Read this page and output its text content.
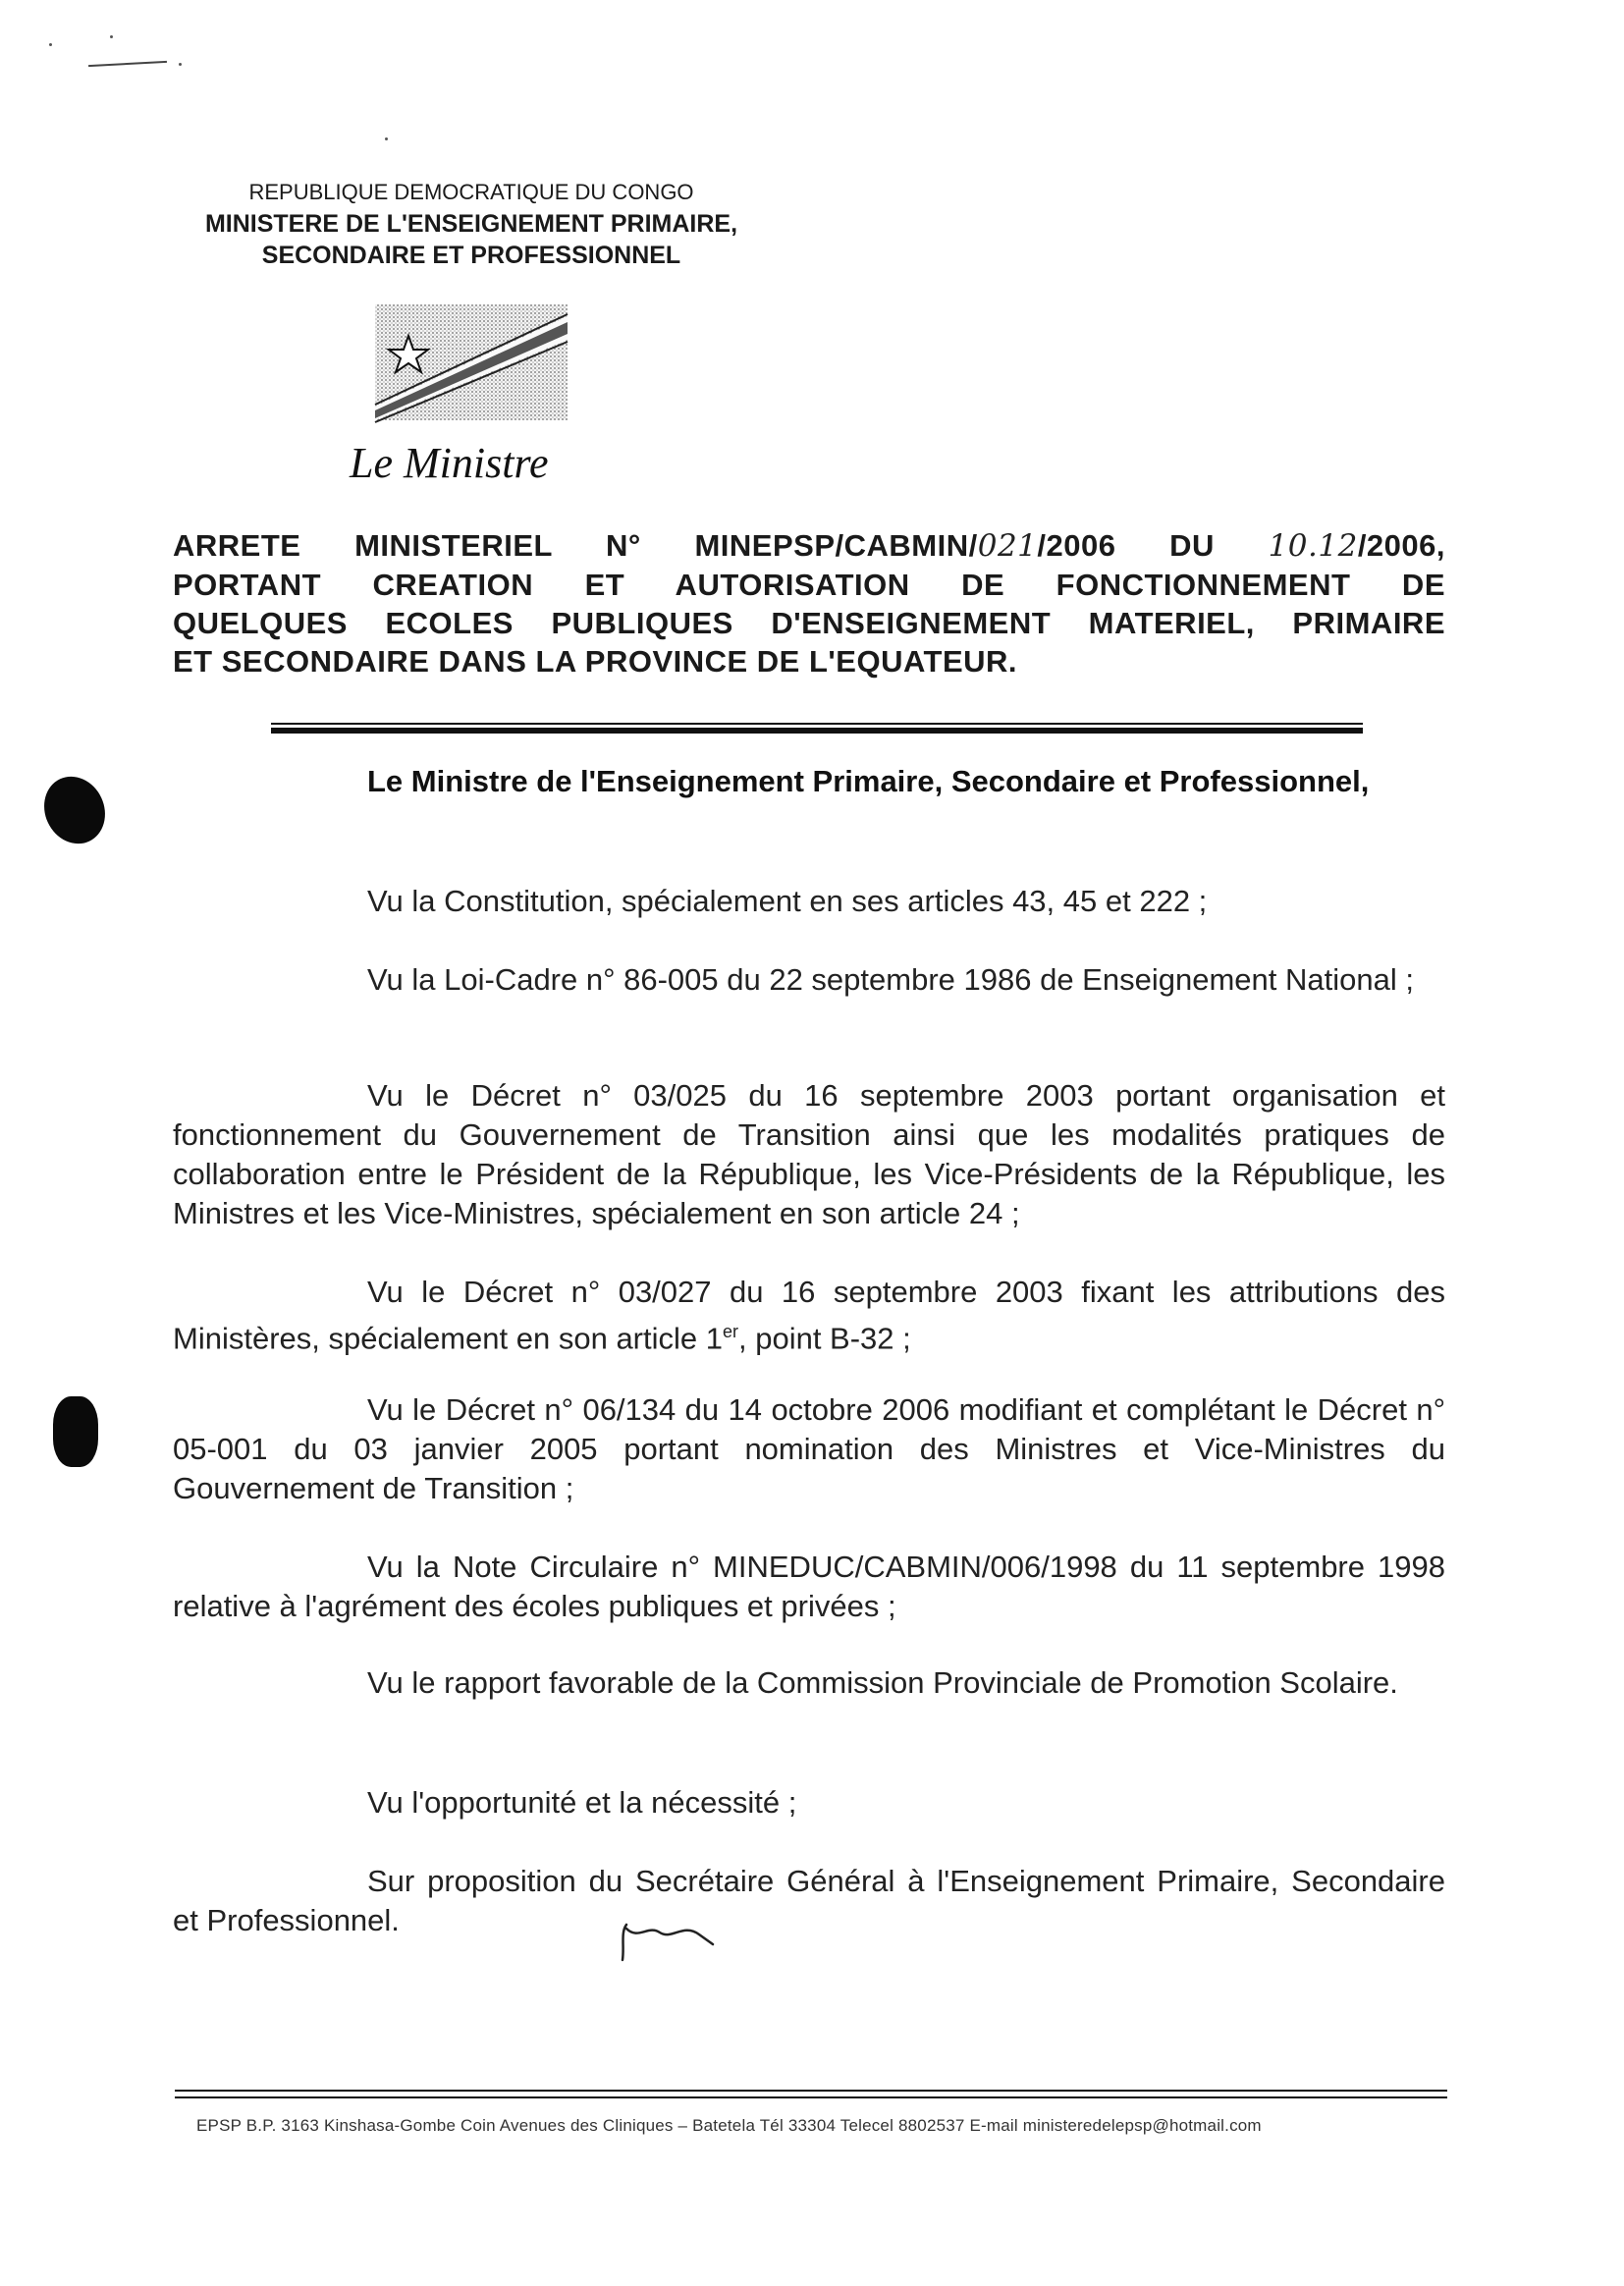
REPUBLIQUE DEMOCRATIQUE DU CONGO
MINISTERE DE L'ENSEIGNEMENT PRIMAIRE,
SECONDAIRE ET PROFESSIONNEL
Le Ministre
ARRETE MINISTERIEL N° MINEPSP/CABMIN/021/2006 DU 10.12/2006,
PORTANT CREATION ET AUTORISATION DE FONCTIONNEMENT DE
QUELQUES ECOLES PUBLIQUES D'ENSEIGNEMENT MATERIEL, PRIMAIRE
ET SECONDAIRE DANS LA PROVINCE DE L'EQUATEUR.
Le Ministre de l'Enseignement Primaire, Secondaire et Professionnel,
Vu la Constitution, spécialement en ses articles 43, 45 et 222 ;
Vu la Loi-Cadre n° 86-005 du 22 septembre 1986 de Enseignement National ;
Vu le Décret n° 03/025 du 16 septembre 2003 portant organisation et fonctionnement du Gouvernement de Transition ainsi que les modalités pratiques de collaboration entre le Président de la République, les Vice-Présidents de la République, les Ministres et les Vice-Ministres, spécialement en son article 24 ;
Vu le Décret n° 03/027 du 16 septembre 2003 fixant les attributions des Ministères, spécialement en son article 1er, point B-32 ;
Vu le Décret n° 06/134 du 14 octobre 2006 modifiant et complétant le Décret n° 05-001 du 03 janvier 2005 portant nomination des Ministres et Vice-Ministres du Gouvernement de Transition ;
Vu la Note Circulaire n° MINEDUC/CABMIN/006/1998 du 11 septembre 1998 relative à l'agrément des écoles publiques et privées ;
Vu le rapport favorable de la Commission Provinciale de Promotion Scolaire.
Vu l'opportunité et la nécessité ;
Sur proposition du Secrétaire Général à l'Enseignement Primaire, Secondaire et Professionnel.
EPSP B.P. 3163 Kinshasa-Gombe Coin Avenues des Cliniques – Batetela Tél 33304 Telecel 8802537 E-mail ministeredelepsp@hotmail.com
